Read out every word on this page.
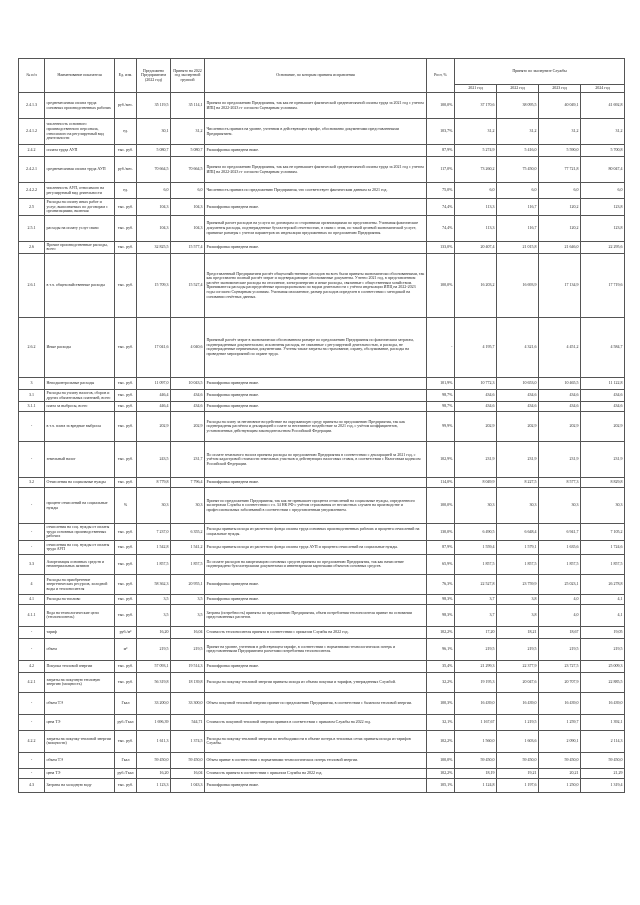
№ п/п	Наименование показателя	Ед. изм.	Предложено Предприятием (2022 год)	Принято на 2022 год экспертной группой	Основание, по которым приняты исправления	Рост, %	Принято по экспертизе Службы			
							2021 год	2022 год	2023 год	2024 год
2.4.1.3	среднемесячная оплата труда основных производственных рабочих	руб./мес.	35 119,5	35 114,1	Принята по предложению Предприятия, так как не превышает фактической среднемесячной оплаты труда за 2021 год с учетом ИПЦ на 2022-2023 гг согласно Сценарным условиям.	100,0%	37 170,6	38 095,5	40 049,1	41 692,8
2.4.1.2	численность основного производственного персонала, относимого на регулируемый вид деятельности	ед.	30,1	31,2	Численность принята на уровне, учтенном в действующем тарифе, обоснованно документами представленными Предприятием.	103,7%	31,2	31,2	31,2	31,2
2.4.2	оплата труда АУП	тыс. руб.	5 080,7	5 080,7	Расшифровка приведена ниже.	87,9%	5 274,9	5 416,0	5 590,0	5 700,8
2.4.2.1	среднемесячная оплата труда АУП	руб./мес.	70 664,5	70 664,5	Принята по предложению Предприятия, так как не превышает фактической среднемесячной оплаты труда за 2021 год с учетом ИПЦ на 2022-2023 гг согласно Сценарным условиям.	117,0%	73 260,2	75 450,0	77 721,8	80 047,4
2.4.2.2	численность АУП, относимого на регулируемый вид деятельности	ед.	6,0	6,0	Численность принята по предложению Предприятия, что соответствует фактическим данным за 2021 год.	75,0%	6,0	6,0	6,0	6,0
2.5	Расходы на оплату иных работ и услуг, выполняемых по договорам с организациями, включая	тыс. руб.	104,3	104,3	Расшифровка приведена ниже.	74,4%	113,3	116,7	120,2	123,8
2.5.1	расходы на оплату услуг связи	тыс. руб.	104,3	104,3	Принятый расчет расходов на услуги по договорам со сторонними организациями по представлены. Учитывая фактические документы расходы, подтвержденные бухгалтерской отчетностью, в связи с этим, по такой целевой экономической услуге, принятые размеры с учетом параметров их индексации предложенных по предложению Предприятия.	74,4%	113,3	116,7	120,2	123,8
2.6	Прочие производственные расходы, всего	тыс. руб.	32 825,5	15 577,4	Расшифровка приведена ниже.	133,0%	20 407,4	21 015,8	21 646,0	22 295,6
2.6.1	в т.ч. общехозяйственные расходы	тыс. руб.	15 709,3	15 527,4	Представленный Предприятием расчёт общехозяйственных расходов на всех были приняты экономически обоснованными, так как представлено полный расчёт затрат и подтверждающие обоснованные документы. Учтено 2021 год, в представленном расчёте экономические расходы на отопление, электроэнергию и иные расходы, связанные с общественным хозяйством. Принимаются расходы распределённые пропорционально по видам деятельности с учётом индексации ИПЦ на 2022-2023 годы согласно Сценарным условиям. Учитывая изложенное, размер расходов определен в соответствии с методикой на основании отчётных данных.	100,0%	16 203,2	16 693,9	17 134,9	17 719,6
2.6.2	Иные расходы	тыс. руб.	17 041,6	4 040,6	Принятый расчёт затрат в экономически обоснованном размере по предложению Предприятия по фактическим затратам, подтвержденным документально; исключены расходы, не связанные с регулируемой деятельностью, и расходы, не подтвержденные первичными документами. Учтены также затраты на страхование, охрану, обслуживание, расходы на проведение мероприятий по охране труда.	-	4 195,7	4 321,6	4 451,2	4 584,7
3	Неподконтрольные расходы	тыс. руб.	11 097,0	10 043,5	Расшифровка приведена ниже.	101,9%	10 772,3	10 653,0	10 465,5	11 122,8
3.1	Расходы на уплату налогов, сборов и других обязательных платежей, всего	тыс. руб.	446,4	434,6	Расшифровка приведена ниже.	98,7%	434,6	434,6	434,6	434,6
3.1.1	плата за выбросы, всего	тыс. руб.	446,4	434,6	Расшифровка приведена ниже.	98,7%	434,6	434,6	434,6	434,6
-	в т.ч. плата за вредные выбросы	тыс. руб.	202,9	202,9	Расходы на плату за негативное воздействие на окружающую среду приняты по предложению Предприятия, так как подтверждены расчётом и декларацией о плате за негативное воздействие за 2021 год, с учётом коэффициентов, установленных действующим законодательством Российской Федерации.	99,9%	202,9	202,9	202,9	202,9
-	земельный налог	тыс. руб.	243,5	231,7	По оплате земельного налога приняты расходы по предложению Предприятия в соответствии с декларацией за 2021 год, с учётом кадастровой стоимости земельных участков и действующих налоговых ставок, в соответствии с Налоговым кодексом Российской Федерации.	102,9%	231,9	231,9	231,9	231,9
3.2	Отчисления на социальные нужды	тыс. руб.	8 779,8	7 796,4	Расшифровка приведена ниже.	114,0%	8 049,9	8 227,5	8 577,3	8 829,8
-	процент отчислений на социальные нужды	%	30,3	30,3	Принят по предложению Предприятия, так как не превышает процента отчислений на социальные нужды, определенного экспертами Службы в соответствии с гл. 34 НК РФ с учётом страхования от несчастных случаев на производстве и профессиональных заболеваний в соответствии с представленным уведомлением.	100,0%	30,3	30,3	30,3	30,3
-	отчисления на соц. нужды от оплаты труда основных производственных рабочих	тыс. руб.	7 237,0	6 355,2	Расходы приняты исходя из расчетного фонда оплаты труда основных производственных рабочих и процента отчислений на социальные нужды.	130,0%	6 490,5	6 648,4	6 941,7	7 105,2
-	отчисления на соц. нужды от оплаты труда АУП	тыс. руб.	1 542,8	1 541,2	Расходы приняты исходя из расчетного фонда оплаты труда АУП и процента отчислений на социальные нужды.	87,9%	1 559,4	1 579,1	1 635,6	1 724,6
3.3	Амортизация основных средств и нематериальных активов	тыс. руб.	1 857,5	1 857,5	По оплате расходов на амортизацию основных средств приняты по предложению Предприятия, так как начисление подтверждено бухгалтерскими документами и инвентарными карточками объектов основных средств.	65,9%	1 857,5	1 857,5	1 857,5	1 857,5
4	Расходы на приобретение энергетических ресурсов, холодной воды и теплоносителя	тыс. руб.	58 362,3	20 955,1	Расшифровка приведена ниже.	76,3%	22 527,8	23 759,9	25 023,1	26 278,8
4.1	Расходы на топливо	тыс. руб.	3,5	3,5	Расшифровка приведена ниже.	98,3%	3,7	3,8	4,0	4,1
4.1.1	Вода на технологические цели (теплоноситель)	тыс. руб.	3,5	3,5	Затраты (потребность) приняты по предложению Предприятия, объем потребления теплоносителя принят на основании представленных расчетов.	98,3%	3,7	3,8	4,0	4,1
-	тариф	руб./м³	16,20	16,04	Стоимость теплоносителя принята в соответствии с приказом Службы на 2022 год.	102,2%	17,20	18,21	18,67	19,05
-	объем	м³	219,5	219,5	Принят на уровне, учтенном в действующем тарифе, в соответствии с нормативами технологических потерь и представленными Предприятием расчетами потребления теплоносителя.	96,1%	219,5	219,5	219,5	219,5
4.2	Покупка тепловой энергии	тыс. руб.	57 093,1	19 514,3	Расшифровка приведена ниже.	35,4%	21 299,3	22 377,9	23 727,5	25 009,3
4.2.1	затраты на покупную тепловую энергию (мощность)	тыс. руб.	56 319,8	18 139,8	Расходы на покупку тепловой энергии приняты исходя из объема покупки и тарифов, утвержденных Службой.	32,2%	19 195,3	20 047,6	20 707,9	22 885,5
-	объем ТЭ	Гкал	33 200,0	33 300,0	Объем покупной тепловой энергии принят по предложению Предприятия, в соответствии с балансом тепловой энергии.	100,3%	16 439,0	16 439,0	16 439,0	16 439,0
-	цена ТЭ	руб./Гкал	1 696,39	544,71	Стоимость покупной тепловой энергии принята в соответствии с приказом Службы на 2022 год.	32,1%	1 167,67	1 219,5	1 259,7	1 392,1
4.2.2	затраты на покупку тепловой энергии (мощности)	тыс. руб.	1 611,3	1 374,5	Расходы на покупку тепловой энергии по необходимости в объеме потерь в тепловых сетях приняты исходя из тарифов Службы.	102,2%	1 560,0	1 603,6	2 090,1	2 114,3
-	объем ТЭ	Гкал	59 450,0	59 450,0	Объем принят в соответствии с нормативами технологических потерь тепловой энергии.	100,0%	59 450,0	59 450,0	59 450,0	59 450,0
-	цена ТЭ	руб./Гкал	16,20	16,04	Стоимость принята в соответствии с приказом Службы на 2022 год.	102,2%	18,19	19,21	20,21	21,29
4.3	Затраты на холодную воду	тыс. руб.	1 123,3	1 043,3	Расшифровка приведена ниже.	105,1%	1 124,8	1 197,6	1 250,0	1 319,4
